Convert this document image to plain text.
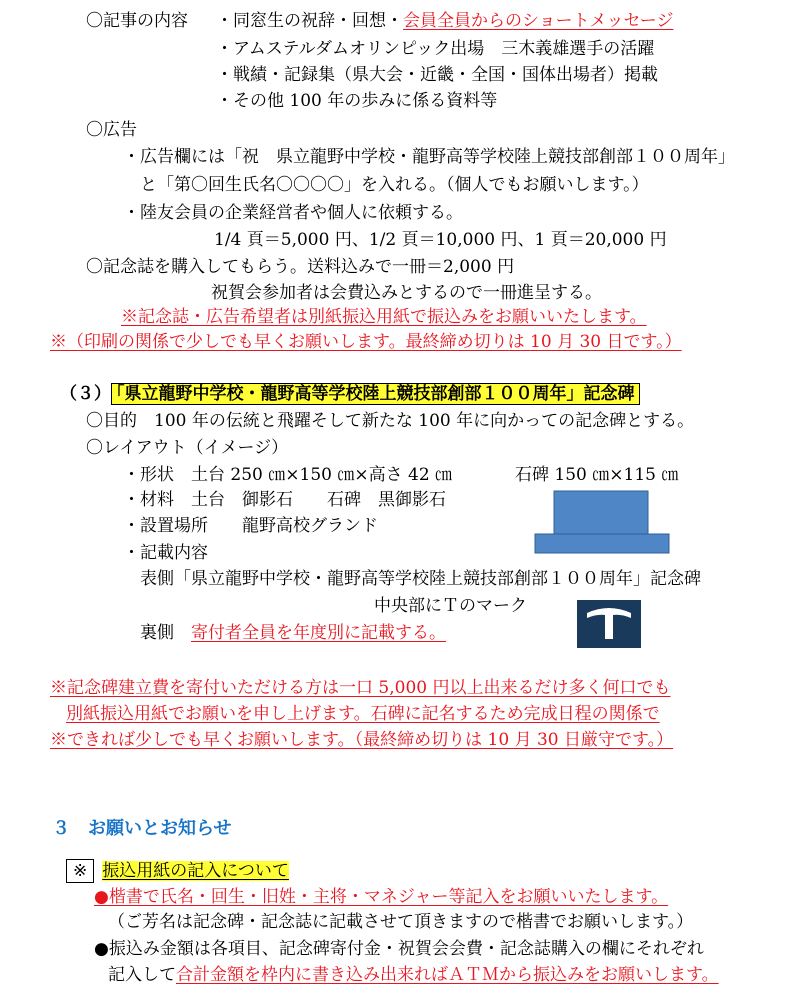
〇記事の内容 ・同窓生の祝辞・回想・会員全員からのショートメッセージ
・アムステルダムオリンピック出場　三木義雄選手の活躍
・戦績・記録集（県大会・近畿・全国・国体出場者）掲載
・その他 100 年の歩みに係る資料等
〇広告
・広告欄には「祝　県立龍野中学校・龍野高等学校陸上競技部創部１００周年」
と「第〇回生氏名〇〇〇〇」を入れる。（個人でもお願いします。）
・陸友会員の企業経営者や個人に依頼する。
1/4 頁＝5,000 円、1/2 頁＝10,000 円、1 頁＝20,000 円
〇記念誌を購入してもらう。送料込みで一冊＝2,000 円
祝賀会参加者は会費込みとするので一冊進呈する。
※記念誌・広告希望者は別紙振込用紙で振込みをお願いいたします。
※（印刷の関係で少しでも早くお願いします。最終締め切りは 10 月 30 日です。）
（３） 「県立龍野中学校・龍野高等学校陸上競技部創部１００周年」記念碑
〇目的　100 年の伝統と飛躍そして新たな 100 年に向かっての記念碑とする。
〇レイアウト（イメージ）
・形状　土台 250 ㎝×150 ㎝×高さ 42 ㎝	石碑 150 ㎝×115 ㎝
・材料　土台　御影石　　石碑　黒御影石
・設置場所　　龍野高校グランド
・記載内容
表側「県立龍野中学校・龍野高等学校陸上競技部創部１００周年」記念碑
中央部にＴのマーク
裏側　 寄付者全員を年度別に記載する。
※記念碑建立費を寄付いただける方は一口 5,000 円以上出来るだけ多く何口でも
別紙振込用紙でお願いを申し上げます。石碑に記名するため完成日程の関係で
※できれば少しでも早くお願いします。（最終締め切りは 10 月 30 日厳守です。）
３　お願いとお知らせ
※ 振込用紙の記入について
●楷書で氏名・回生・旧姓・主将・マネジャー等記入をお願いいたします。
（ご芳名は記念碑・記念誌に記載させて頂きますので楷書でお願いします。）
●振込み金額は各項目、記念碑寄付金・祝賀会会費・記念誌購入の欄にそれぞれ
記入して合計金額を枠内に書き込み出来ればＡＴＭから振込みをお願いします。
